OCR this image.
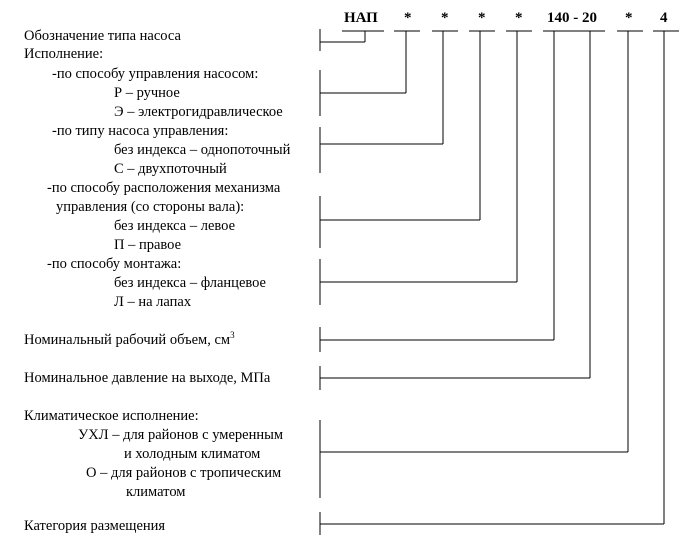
НАП * * * * 140 - 20 * 4
Обозначение типа насоса
Исполнение:
-по способу управления насосом:
Р – ручное
Э – электрогидравлическое
-по типу насоса управления:
без индекса – однопоточный
С – двухпоточный
-по способу расположения механизма
управления (со стороны вала):
без индекса – левое
П – правое
-по способу монтажа:
без индекса – фланцевое
Л – на лапах
Номинальный рабочий объем, $см^3$
Номинальное давление на выходе, МПа
Климатическое исполнение:
УХЛ – для районов с умеренным
и холодным климатом
О – для районов с тропическим
климатом
Категория размещения
